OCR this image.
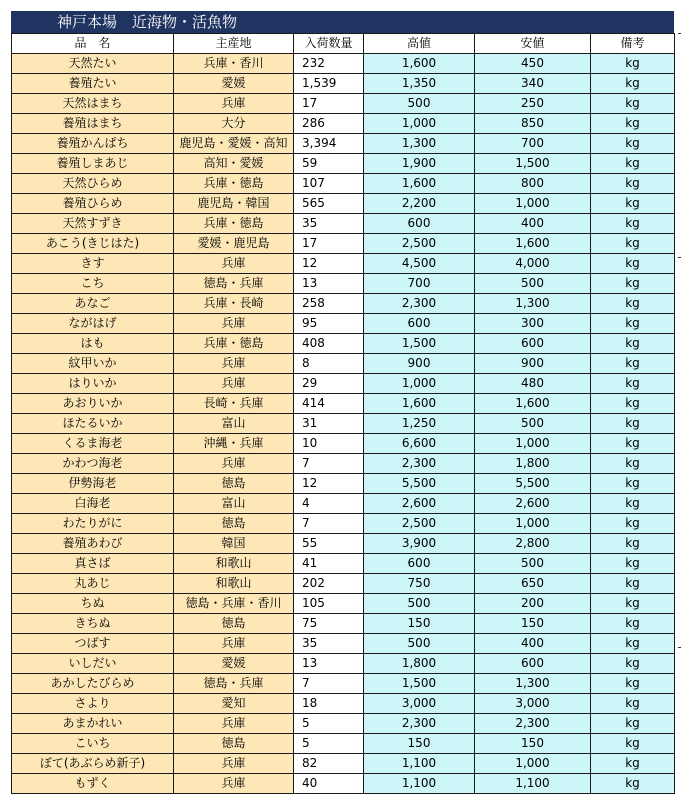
神戸本場　近海物・活魚物
品　名	主産地	入荷数量	高値	安値	備考
天然たい	兵庫・香川	232	1,600	450	kg
養殖たい	愛媛	1,539	1,350	340	kg
天然はまち	兵庫	17	500	250	kg
養殖はまち	大分	286	1,000	850	kg
養殖かんぱち	鹿児島・愛媛・高知	3,394	1,300	700	kg
養殖しまあじ	高知・愛媛	59	1,900	1,500	kg
天然ひらめ	兵庫・徳島	107	1,600	800	kg
養殖ひらめ	鹿児島・韓国	565	2,200	1,000	kg
天然すずき	兵庫・徳島	35	600	400	kg
あこう(きじはた)	愛媛・鹿児島	17	2,500	1,600	kg
きす	兵庫	12	4,500	4,000	kg
こち	徳島・兵庫	13	700	500	kg
あなご	兵庫・長崎	258	2,300	1,300	kg
ながはげ	兵庫	95	600	300	kg
はも	兵庫・徳島	408	1,500	600	kg
紋甲いか	兵庫	8	900	900	kg
はりいか	兵庫	29	1,000	480	kg
あおりいか	長崎・兵庫	414	1,600	1,600	kg
ほたるいか	富山	31	1,250	500	kg
くるま海老	沖縄・兵庫	10	6,600	1,000	kg
かわつ海老	兵庫	7	2,300	1,800	kg
伊勢海老	徳島	12	5,500	5,500	kg
白海老	富山	4	2,600	2,600	kg
わたりがに	徳島	7	2,500	1,000	kg
養殖あわび	韓国	55	3,900	2,800	kg
真さば	和歌山	41	600	500	kg
丸あじ	和歌山	202	750	650	kg
ちぬ	徳島・兵庫・香川	105	500	200	kg
きちぬ	徳島	75	150	150	kg
つばす	兵庫	35	500	400	kg
いしだい	愛媛	13	1,800	600	kg
あかしたびらめ	徳島・兵庫	7	1,500	1,300	kg
さより	愛知	18	3,000	3,000	kg
あまかれい	兵庫	5	2,300	2,300	kg
こいち	徳島	5	150	150	kg
ぼて(あぶらめ新子)	兵庫	82	1,100	1,000	kg
もずく	兵庫	40	1,100	1,100	kg
